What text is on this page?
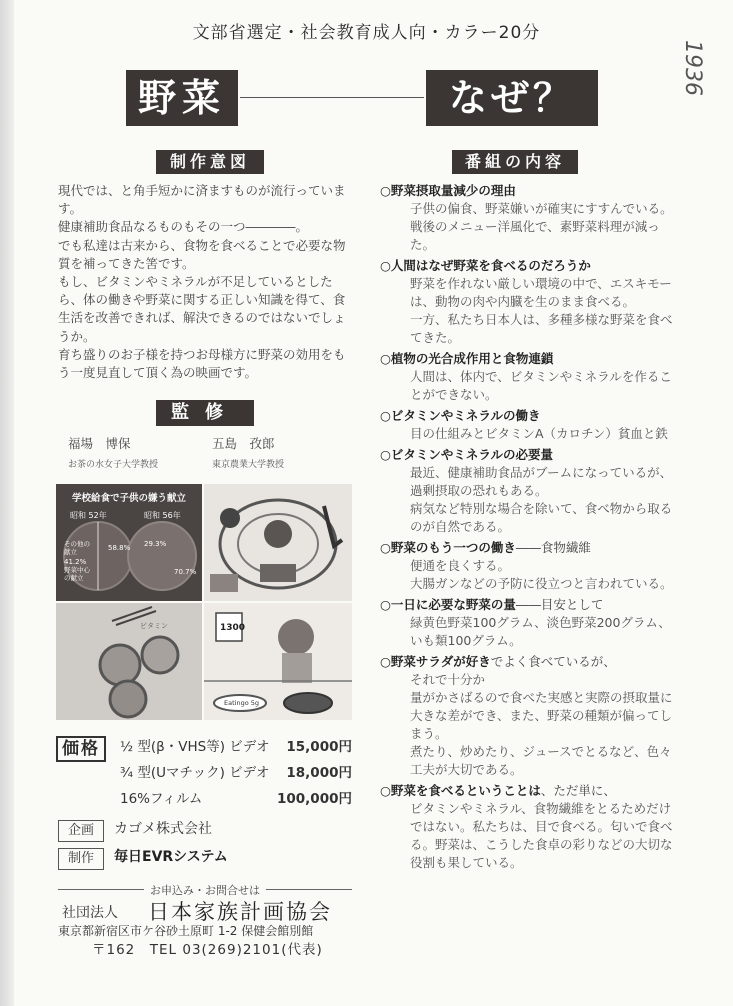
文部省選定・社会教育成人向・カラー20分
野菜	なぜ？
1936
制作意図

現代では、と角手短かに済ますものが流行っています。

健康補助食品なるものもその一つ――――。

でも私達は古来から、食物を食べることで必要な物質を補ってきた筈です。

もし、ビタミンやミネラルが不足しているとしたら、体の働きや野菜に関する正しい知識を得て、食生活を改善できれば、解決できるのではないでしょうか。

育ち盛りのお子様を持つお母様方に野菜の効用をもう一度見直して頂く為の映画です。

監修
福場　博保
お茶の水女子大学教授
五島　孜郎
東京農業大学教授
学校給食で子供の嫌う献立
昭和 52年	昭和 56年
その他の献立
野菜中心の献立
58.8%
41.2%
29.3%
70.7%
ビタミン	1300
Eatingo 5g
価格	½ 型(β・VHS等) ビデオ 15,000円
¾ 型(Uマチック) ビデオ 18,000円
16%フィルム	100,000円
企画	カゴメ株式会社
制作	毎日EVRシステム
お申込み・お問合せは
社団法人 日本家族計画協会
東京都新宿区市ケ谷砂土原町 1-2 保健会館別館
〒162　TEL 03(269)2101(代表)
番組の内容
○野菜摂取量減少の理由

子供の偏食、野菜嫌いが確実にすすんでいる。

戦後のメニュー洋風化で、素野菜料理が減った。

○人間はなぜ野菜を食べるのだろうか

野菜を作れない厳しい環境の中で、エスキモーは、動物の肉や内臓を生のまま食べる。

一方、私たち日本人は、多種多様な野菜を食べてきた。

○植物の光合成作用と食物連鎖

人間は、体内で、ビタミンやミネラルを作ることができない。

○ビタミンやミネラルの働き

目の仕組みとビタミンA（カロチン）貧血と鉄

○ビタミンやミネラルの必要量

最近、健康補助食品がブームになっているが、過剰摂取の恐れもある。

病気など特別な場合を除いて、食べ物から取るのが自然である。

○野菜のもう一つの働き――食物繊維

便通を良くする。

大腸ガンなどの予防に役立つと言われている。

○一日に必要な野菜の量――目安として

緑黄色野菜100グラム、淡色野菜200グラム、いも類100グラム。

○野菜サラダが好きでよく食べているが、

それで十分か

量がかさばるので食べた実感と実際の摂取量に大きな差ができ、また、野菜の種類が偏ってしまう。

煮たり、炒めたり、ジュースでとるなど、色々工夫が大切である。

○野菜を食べるということは、ただ単に、

ビタミンやミネラル、食物繊維をとるためだけではない。私たちは、目で食べる。匂いで食べる。野菜は、こうした食卓の彩りなどの大切な役割も果している。
